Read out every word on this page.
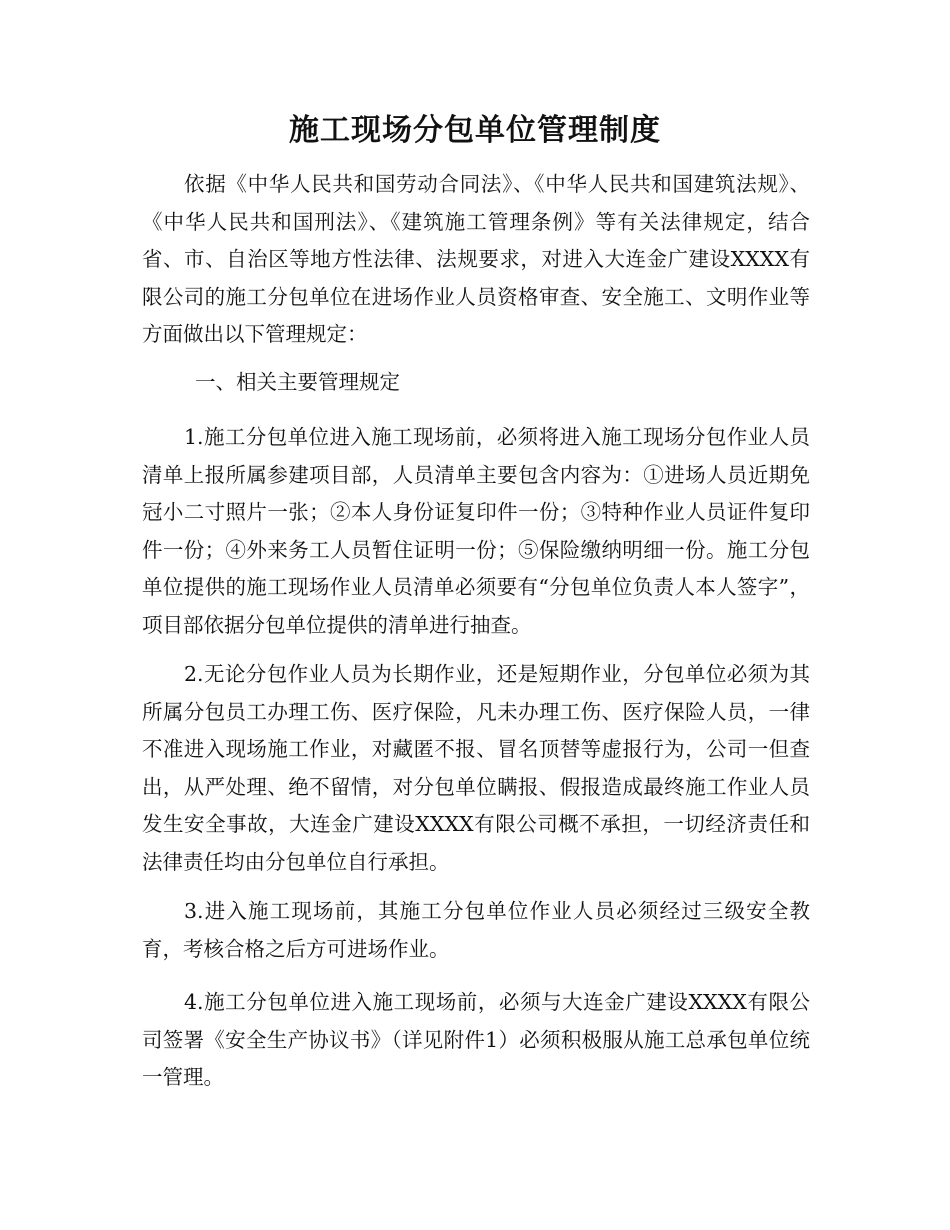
施工现场分包单位管理制度

依据《中华人民共和国劳动合同法》、《中华人民共和国建筑法规》、《中华人民共和国刑法》、《建筑施工管理条例》等有关法律规定，结合省、市、自治区等地方性法律、法规要求，对进入大连金广建设XXXX有限公司的施工分包单位在进场作业人员资格审查、安全施工、文明作业等方面做出以下管理规定：

一、相关主要管理规定

1.施工分包单位进入施工现场前，必须将进入施工现场分包作业人员清单上报所属参建项目部，人员清单主要包含内容为：①进场人员近期免冠小二寸照片一张；②本人身份证复印件一份；③特种作业人员证件复印件一份；④外来务工人员暂住证明一份；⑤保险缴纳明细一份。施工分包单位提供的施工现场作业人员清单必须要有“分包单位负责人本人签字”，项目部依据分包单位提供的清单进行抽查。

2.无论分包作业人员为长期作业，还是短期作业，分包单位必须为其所属分包员工办理工伤、医疗保险，凡未办理工伤、医疗保险人员，一律不准进入现场施工作业，对藏匿不报、冒名顶替等虚报行为，公司一但查出，从严处理、绝不留情，对分包单位瞒报、假报造成最终施工作业人员发生安全事故，大连金广建设XXXX有限公司概不承担，一切经济责任和法律责任均由分包单位自行承担。

3.进入施工现场前，其施工分包单位作业人员必须经过三级安全教育，考核合格之后方可进场作业。

4.施工分包单位进入施工现场前，必须与大连金广建设XXXX有限公司签署《安全生产协议书》（详见附件1）必须积极服从施工总承包单位统一管理。
